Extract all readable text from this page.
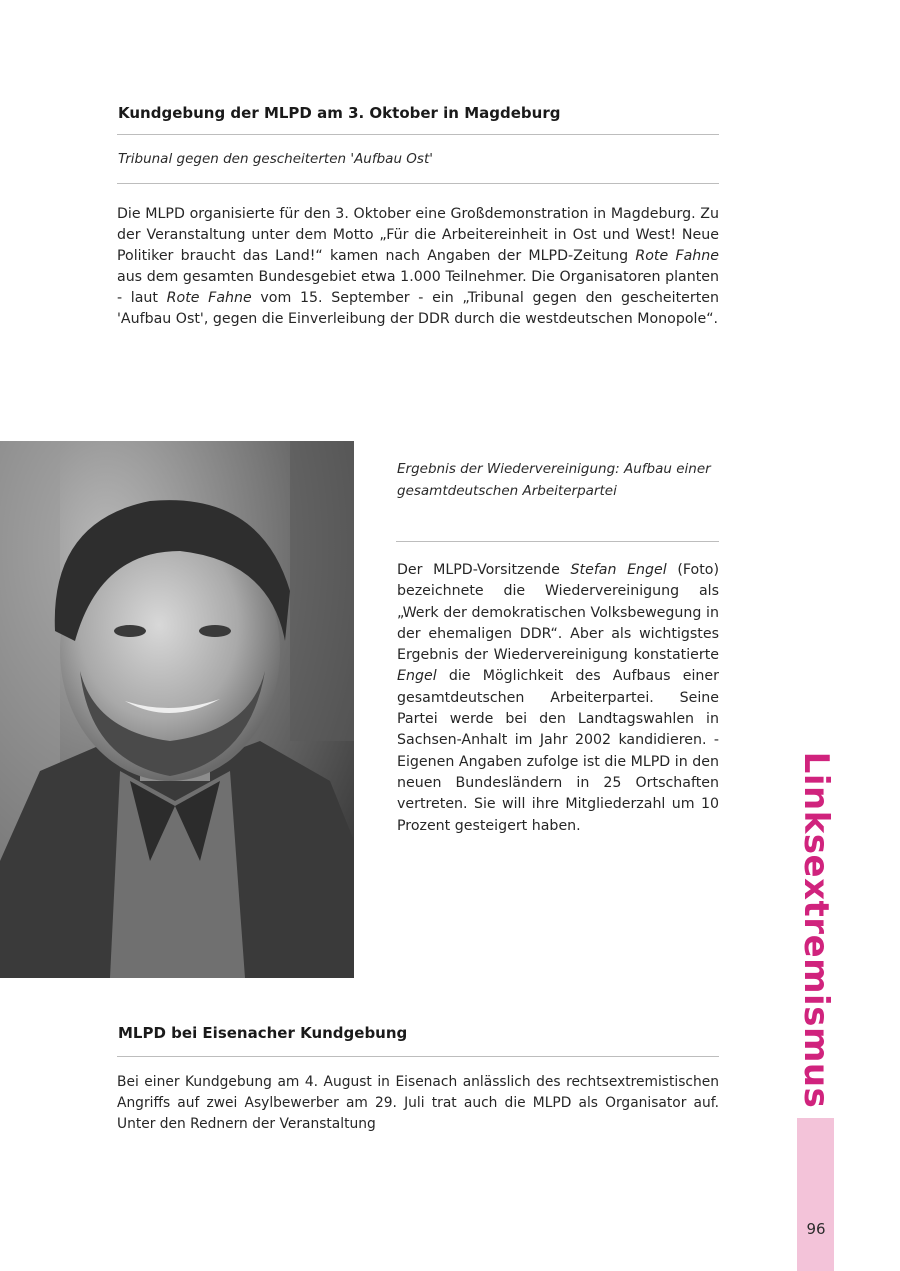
Kundgebung der MLPD am 3. Oktober in Magdeburg
Tribunal gegen den gescheiterten 'Aufbau Ost'
Die MLPD organisierte für den 3. Oktober eine Großdemonstration in Magdeburg. Zu der Veranstaltung unter dem Motto „Für die Arbeitereinheit in Ost und West! Neue Politiker braucht das Land!“ kamen nach Angaben der MLPD-Zeitung Rote Fahne aus dem gesamten Bundesgebiet etwa 1.000 Teilnehmer. Die Organisatoren planten - laut Rote Fahne vom 15. September - ein „Tribunal gegen den gescheiterten 'Aufbau Ost', gegen die Einverleibung der DDR durch die westdeutschen Monopole“.
Ergebnis der Wiedervereinigung: Aufbau einer gesamtdeutschen Arbeiterpartei
Der MLPD-Vorsitzende Stefan Engel (Foto) bezeichnete die Wiedervereinigung als „Werk der demokratischen Volksbewegung in der ehemaligen DDR“. Aber als wichtigstes Ergebnis der Wiedervereinigung konstatierte Engel die Möglichkeit des Aufbaus einer gesamtdeutschen Arbeiterpartei. Seine Partei werde bei den Landtagswahlen in Sachsen-Anhalt im Jahr 2002 kandidieren. - Eigenen Angaben zufolge ist die MLPD in den neuen Bundesländern in 25 Ortschaften vertreten. Sie will ihre Mitgliederzahl um 10 Prozent gesteigert haben.
MLPD bei Eisenacher Kundgebung
Bei einer Kundgebung am 4. August in Eisenach anlässlich des rechtsextremistischen Angriffs auf zwei Asylbewerber am 29. Juli trat auch die MLPD als Organisator auf. Unter den Rednern der Veranstaltung
Linksextremismus
96
